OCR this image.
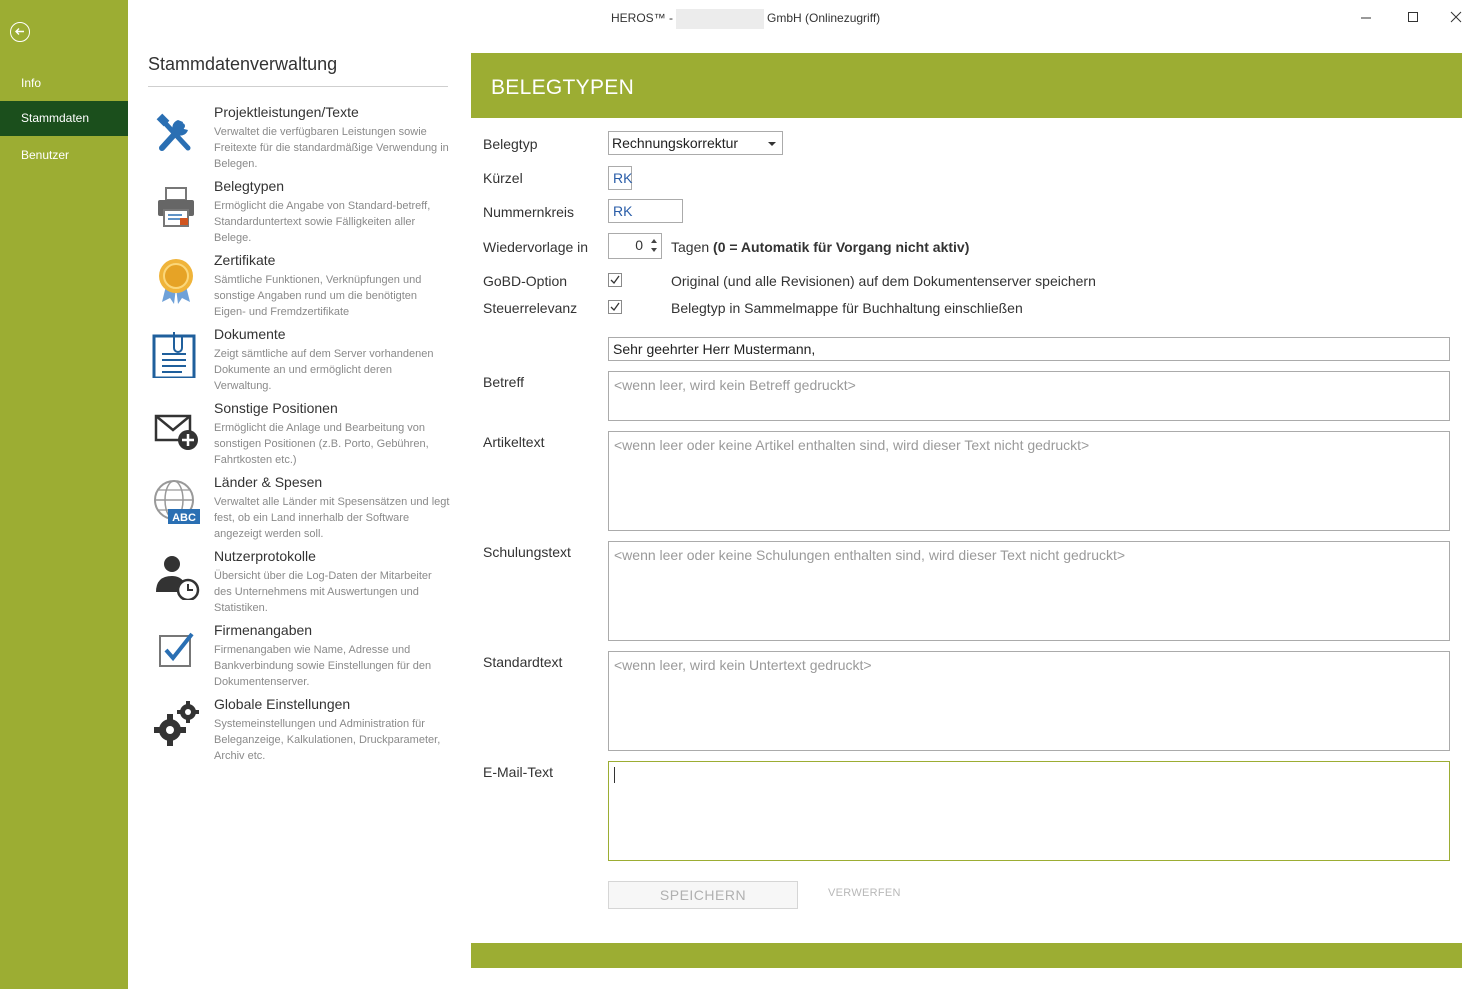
Info
Stammdaten
Benutzer
HEROS™ -	GmbH (Onlinezugriff)
Stammdatenverwaltung
Projektleistungen/Texte
Verwaltet die verfügbaren Leistungen sowie Freitexte für die standardmäßige Verwendung in Belegen.
Belegtypen
Ermöglicht die Angabe von Standard-betreff, Standarduntertext sowie Fälligkeiten aller Belege.
Zertifikate
Sämtliche Funktionen, Verknüpfungen und sonstige Angaben rund um die benötigten Eigen- und Fremdzertifikate
Dokumente
Zeigt sämtliche auf dem Server vorhandenen Dokumente an und ermöglicht deren Verwaltung.
Sonstige Positionen
Ermöglicht die Anlage und Bearbeitung von sonstigen Positionen (z.B. Porto, Gebühren, Fahrtkosten etc.)
ABC
Länder & Spesen
Verwaltet alle Länder mit Spesensätzen und legt fest, ob ein Land innerhalb der Software angezeigt werden soll.
Nutzerprotokolle
Übersicht über die Log-Daten der Mitarbeiter des Unternehmens mit Auswertungen und Statistiken.
Firmenangaben
Firmenangaben wie Name, Adresse und Bankverbindung sowie Einstellungen für den Dokumentenserver.
Globale Einstellungen
Systemeinstellungen und Administration für Beleganzeige, Kalkulationen, Druckparameter, Archiv etc.
BELEGTYPEN
Belegtyp	Rechnungskorrektur
Kürzel	RK
Nummernkreis	RK
Wiedervorlage in	0 Tagen (0 = Automatik für Vorgang nicht aktiv)
GoBD-Option	Original (und alle Revisionen) auf dem Dokumentenserver speichern
Steuerrelevanz	Belegtyp in Sammelmappe für Buchhaltung einschließen
Sehr geehrter Herr Mustermann,
Betreff	<wenn leer, wird kein Betreff gedruckt>
Artikeltext	<wenn leer oder keine Artikel enthalten sind, wird dieser Text nicht gedruckt>
Schulungstext	<wenn leer oder keine Schulungen enthalten sind, wird dieser Text nicht gedruckt>
Standardtext	<wenn leer, wird kein Untertext gedruckt>
E-Mail-Text
SPEICHERN	VERWERFEN
